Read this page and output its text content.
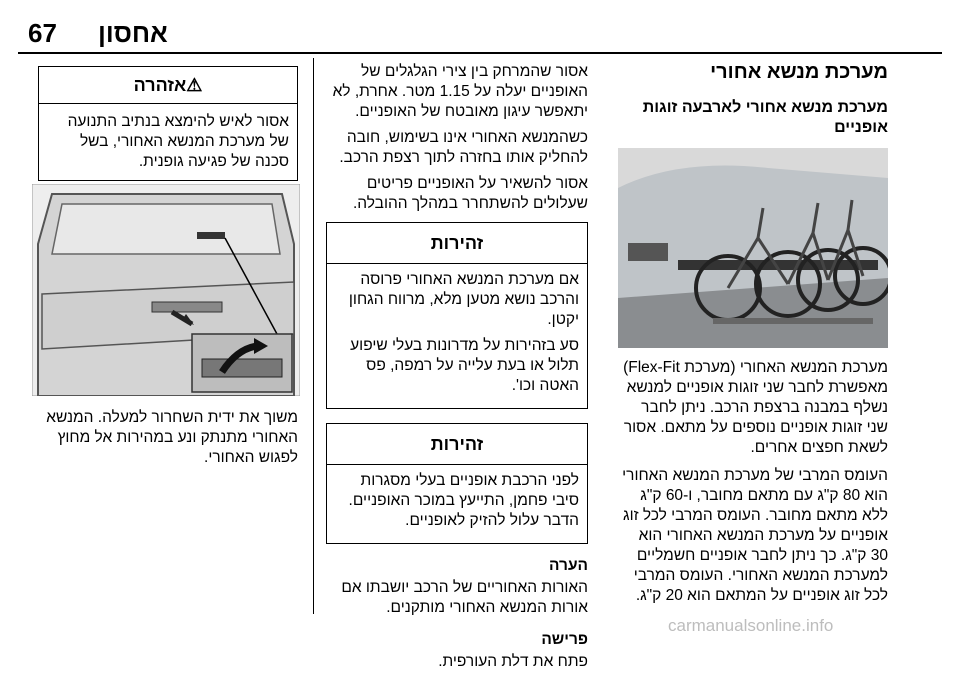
67 אחסון

מערכת מנשא אחורי

מערכת מנשא אחורי לארבעה זוגות אופניים

מערכת המנשא האחורי (מערכת Flex-Fit) מאפשרת לחבר שני זוגות אופניים למנשא נשלף במבנה ברצפת הרכב. ניתן לחבר שני זוגות אופניים נוספים על מתאם. אסור לשאת חפצים אחרים.

העומס המרבי של מערכת המנשא האחורי הוא 80 ק"ג עם מתאם מחובר, ו-60 ק"ג ללא מתאם מחובר. העומס המרבי לכל זוג אופניים על מערכת המנשא האחורי הוא 30 ק"ג. כך ניתן לחבר אופניים חשמליים למערכת המנשא האחורי. העומס המרבי לכל זוג אופניים על המתאם הוא 20 ק"ג.

אסור שהמרחק בין צירי הגלגלים של האופניים יעלה על 1.15 מטר. אחרת, לא יתאפשר עיגון מאובטח של האופניים.

כשהמנשא האחורי אינו בשימוש, חובה להחליק אותו בחזרה לתוך רצפת הרכב.

אסור להשאיר על האופניים פריטים שעלולים להשתחרר במהלך ההובלה.

זהירות

אם מערכת המנשא האחורי פרוסה והרכב נושא מטען מלא, מרווח הגחון יקטן.

סע בזהירות על מדרונות בעלי שיפוע תלול או בעת עלייה על רמפה, פס האטה וכו'.

זהירות

לפני הרכבת אופניים בעלי מסגרות סיבי פחמן, התייעץ במוכר האופניים. הדבר עלול להזיק לאופניים.

הערה

האורות האחוריים של הרכב יושבתו אם אורות המנשא האחורי מותקנים.

פרישה

פתח את דלת העורפית.

⚠אזהרה

אסור לאיש להימצא בנתיב התנועה של מערכת המנשא האחורי, בשל סכנה של פגיעה גופנית.

משוך את ידית השחרור למעלה. המנשא האחורי מתנתק ונע במהירות אל מחוץ לפגוש האחורי.

carmanualsonline.info
